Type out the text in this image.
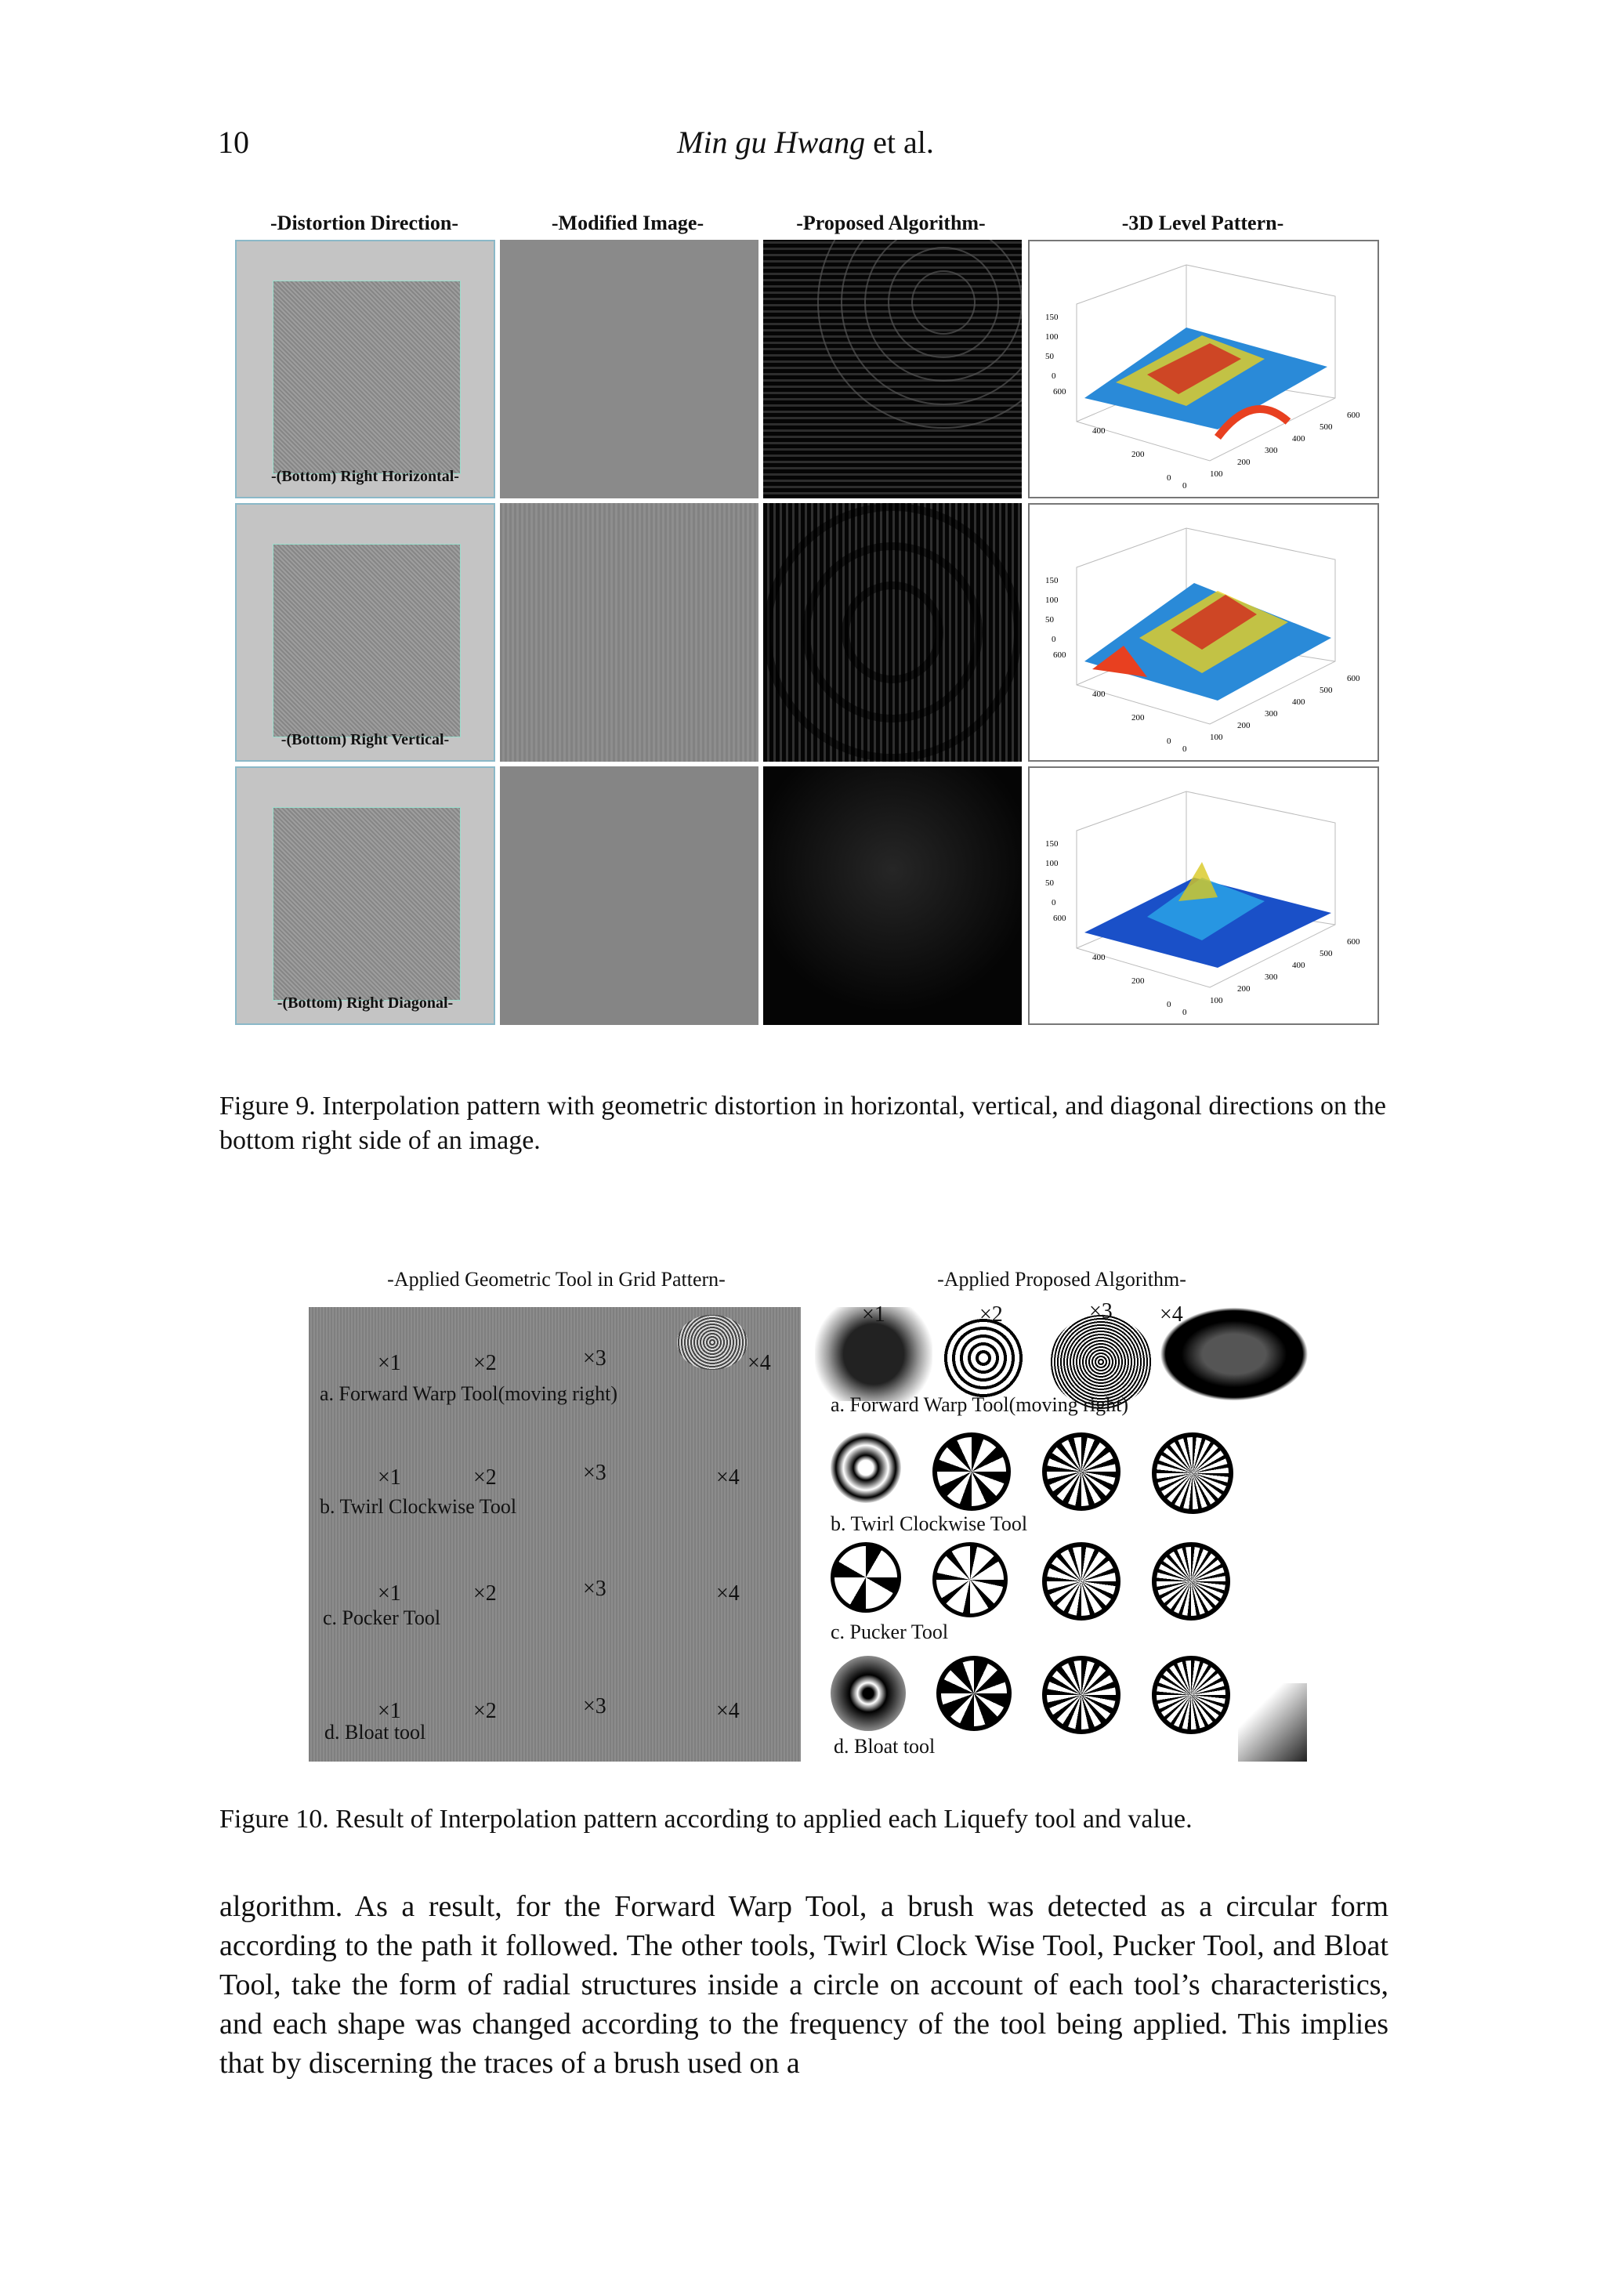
10	Min gu Hwang et al.
-Distortion Direction-	-Modified Image-	-Proposed Algorithm-	-3D Level Pattern-
-(Bottom) Right Horizontal-
150
100
50
0
600
400
200
0
0
100
200
300
400
500
600
-(Bottom) Right Vertical-
150
100
50
0
600
400
200
0
0
100
200
300
400
500
600
-(Bottom) Right Diagonal-
150
100
50
0
600
400
200
0
0
100
200
300
400
500
600
Figure 9. Interpolation pattern with geometric distortion in horizontal, vertical, and diagonal directions on the bottom right side of an image.
-Applied Geometric Tool in Grid Pattern-	-Applied Proposed Algorithm-
×1	×2	×3	×4
a. Forward Warp Tool(moving right)
×1	×2	×3	×4
b. Twirl Clockwise Tool
×1	×2	×3	×4
c. Pocker Tool
×1	×2	×3	×4
d. Bloat tool
×1	×2	×3 ×4
a. Forward Warp Tool(moving right)
b. Twirl Clockwise Tool
c. Pucker Tool
d. Bloat tool
Figure 10. Result of Interpolation pattern according to applied each Liquefy tool and value.
algorithm. As a result, for the Forward Warp Tool, a brush was detected as a circular form according to the path it followed. The other tools, Twirl Clock Wise Tool, Pucker Tool, and Bloat Tool, take the form of radial structures inside a circle on account of each tool’s characteristics, and each shape was changed according to the frequency of the tool being applied. This implies that by discerning the traces of a brush used on a
